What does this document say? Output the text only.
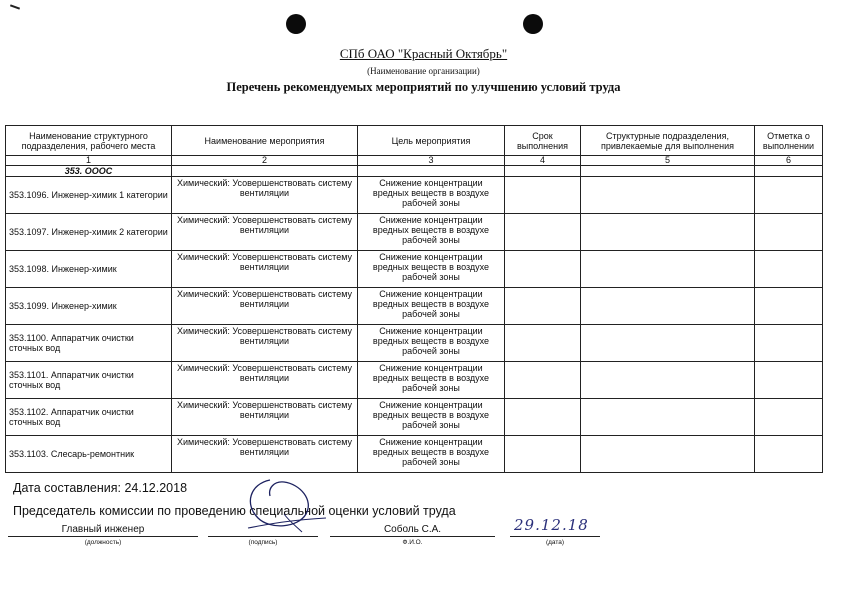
СПб ОАО "Красный Октябрь"
(Наименование организации)
Перечень рекомендуемых мероприятий по улучшению условий труда
Наименование структурного подразделения, рабочего места	Наименование мероприятия	Цель мероприятия	Срок выполнения	Структурные подразделения, привлекаемые для выполнения	Отметка о выполнении
1	2	3	4	5	6
353. ОООС					
353.1096. Инженер-химик 1 категории	Химический: Усовершенствовать систему вентиляции	Снижение концентрации вредных веществ в воздухе рабочей зоны			
353.1097. Инженер-химик 2 категории	Химический: Усовершенствовать систему вентиляции	Снижение концентрации вредных веществ в воздухе рабочей зоны			
353.1098. Инженер-химик	Химический: Усовершенствовать систему вентиляции	Снижение концентрации вредных веществ в воздухе рабочей зоны			
353.1099. Инженер-химик	Химический: Усовершенствовать систему вентиляции	Снижение концентрации вредных веществ в воздухе рабочей зоны			
353.1100. Аппаратчик очистки сточных вод	Химический: Усовершенствовать систему вентиляции	Снижение концентрации вредных веществ в воздухе рабочей зоны			
353.1101. Аппаратчик очистки сточных вод	Химический: Усовершенствовать систему вентиляции	Снижение концентрации вредных веществ в воздухе рабочей зоны			
353.1102. Аппаратчик очистки сточных вод	Химический: Усовершенствовать систему вентиляции	Снижение концентрации вредных веществ в воздухе рабочей зоны			
353.1103. Слесарь-ремонтник	Химический: Усовершенствовать систему вентиляции	Снижение концентрации вредных веществ в воздухе рабочей зоны			
Дата составления: 24.12.2018
Председатель комиссии по проведению специальной оценки условий труда
Главный инженер
(должность)	(подпись)
Соболь С.А.
Ф.И.О.
29.12.18
(дата)
